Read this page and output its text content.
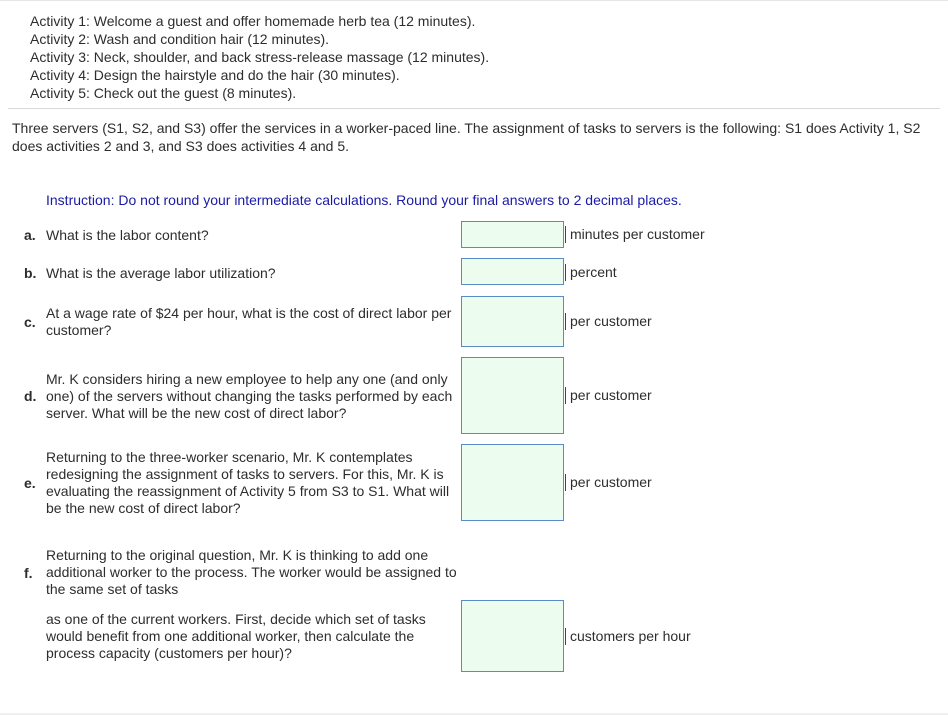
Activity 1: Welcome a guest and offer homemade herb tea (12 minutes).
Activity 2: Wash and condition hair (12 minutes).
Activity 3: Neck, shoulder, and back stress-release massage (12 minutes).
Activity 4: Design the hairstyle and do the hair (30 minutes).
Activity 5: Check out the guest (8 minutes).
Three servers (S1, S2, and S3) offer the services in a worker-paced line. The assignment of tasks to servers is the following: S1 does Activity 1, S2 does activities 2 and 3, and S3 does activities 4 and 5.
Instruction: Do not round your intermediate calculations. Round your final answers to 2 decimal places.
a. What is the labor content?	minutes per customer
b. What is the average labor utilization?	percent
c.
At a wage rate of $24 per hour, what is the cost of direct labor per customer?
per customer
d.
Mr. K considers hiring a new employee to help any one (and only one) of the servers without changing the tasks performed by each server. What will be the new cost of direct labor?
per customer
e.
Returning to the three-worker scenario, Mr. K contemplates redesigning the assignment of tasks to servers. For this, Mr. K is evaluating the reassignment of Activity 5 from S3 to S1. What will be the new cost of direct labor?
per customer
f.
Returning to the original question, Mr. K is thinking to add one additional worker to the process. The worker would be assigned to the same set of tasks
as one of the current workers. First, decide which set of tasks would benefit from one additional worker, then calculate the process capacity (customers per hour)?
customers per hour
